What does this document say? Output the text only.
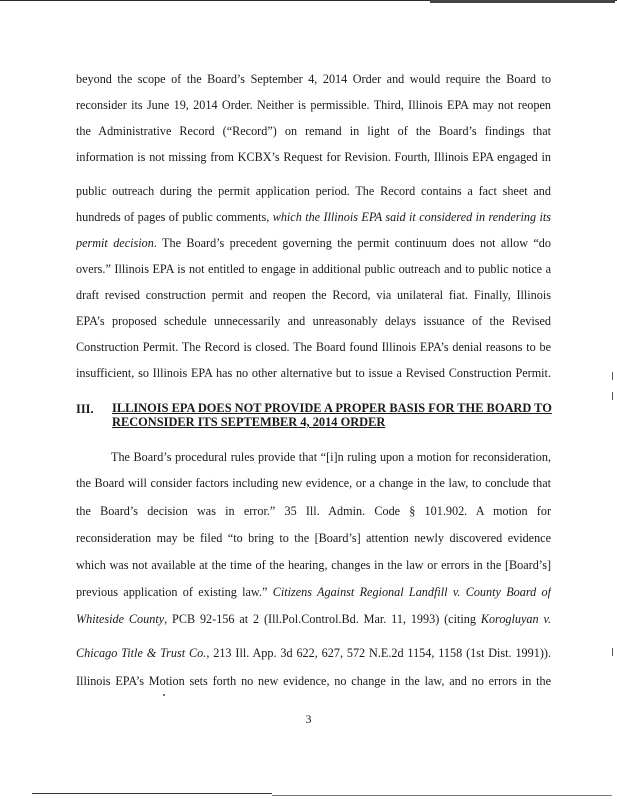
beyond the scope of the Board’s September 4, 2014 Order and would require the Board to
reconsider its June 19, 2014 Order. Neither is permissible. Third, Illinois EPA may not reopen
the Administrative Record (“Record”) on remand in light of the Board’s findings that
information is not missing from KCBX’s Request for Revision. Fourth, Illinois EPA engaged in
public outreach during the permit application period. The Record contains a fact sheet and
hundreds of pages of public comments, which the Illinois EPA said it considered in rendering its
permit decision. The Board’s precedent governing the permit continuum does not allow “do
overs.” Illinois EPA is not entitled to engage in additional public outreach and to public notice a
draft revised construction permit and reopen the Record, via unilateral fiat. Finally, Illinois
EPA’s proposed schedule unnecessarily and unreasonably delays issuance of the Revised
Construction Permit. The Record is closed. The Board found Illinois EPA’s denial reasons to be
insufficient, so Illinois EPA has no other alternative but to issue a Revised Construction Permit.
III. ILLINOIS EPA DOES NOT PROVIDE A PROPER BASIS FOR THE BOARD TO
RECONSIDER ITS SEPTEMBER 4, 2014 ORDER
The Board’s procedural rules provide that “[i]n ruling upon a motion for reconsideration,
the Board will consider factors including new evidence, or a change in the law, to conclude that
the Board’s decision was in error.” 35 Ill. Admin. Code § 101.902. A motion for
reconsideration may be filed “to bring to the [Board’s] attention newly discovered evidence
which was not available at the time of the hearing, changes in the law or errors in the [Board’s]
previous application of existing law.” Citizens Against Regional Landfill v. County Board of
Whiteside County, PCB 92-156 at 2 (Ill.Pol.Control.Bd. Mar. 11, 1993) (citing Korogluyan v.
Chicago Title & Trust Co., 213 Ill. App. 3d 622, 627, 572 N.E.2d 1154, 1158 (1st Dist. 1991)).
Illinois EPA’s Motion sets forth no new evidence, no change in the law, and no errors in the
3
